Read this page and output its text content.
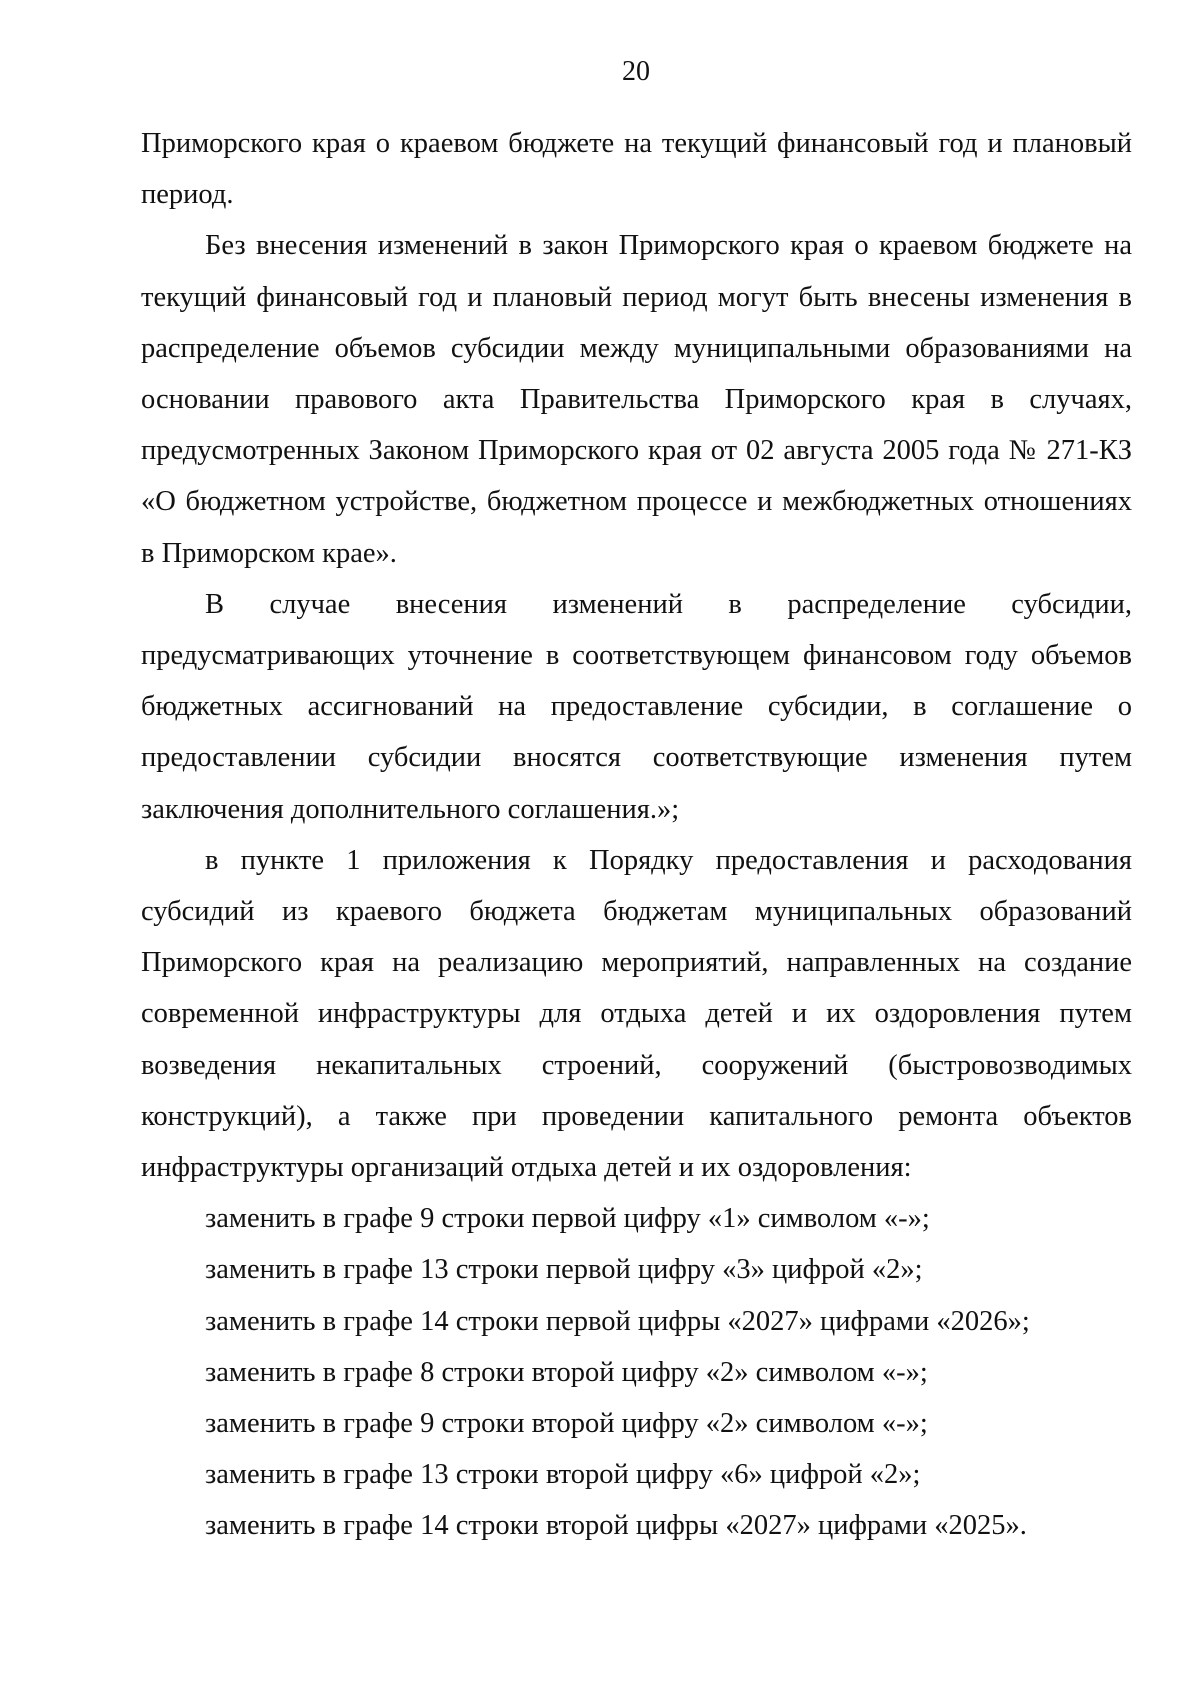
20

Приморского края о краевом бюджете на текущий финансовый год и плановый период.

Без внесения изменений в закон Приморского края о краевом бюджете на текущий финансовый год и плановый период могут быть внесены изменения в распределение объемов субсидии между муниципальными образованиями на основании правового акта Правительства Приморского края в случаях, предусмотренных Законом Приморского края от 02 августа 2005 года № 271-КЗ «О бюджетном устройстве, бюджетном процессе и межбюджетных отношениях в Приморском крае».

В случае внесения изменений в распределение субсидии, предусматривающих уточнение в соответствующем финансовом году объемов бюджетных ассигнований на предоставление субсидии, в соглашение о предоставлении субсидии вносятся соответствующие изменения путем заключения дополнительного соглашения.»;

в пункте 1 приложения к Порядку предоставления и расходования субсидий из краевого бюджета бюджетам муниципальных образований Приморского края на реализацию мероприятий, направленных на создание современной инфраструктуры для отдыха детей и их оздоровления путем возведения некапитальных строений, сооружений (быстровозводимых конструкций), а также при проведении капитального ремонта объектов инфраструктуры организаций отдыха детей и их оздоровления:

заменить в графе 9 строки первой цифру «1» символом «-»;

заменить в графе 13 строки первой цифру «3» цифрой «2»;

заменить в графе 14 строки первой цифры «2027» цифрами «2026»;

заменить в графе 8 строки второй цифру «2» символом «-»;

заменить в графе 9 строки второй цифру «2» символом «-»;

заменить в графе 13 строки второй цифру «6» цифрой «2»;

заменить в графе 14 строки второй цифры «2027» цифрами «2025».
